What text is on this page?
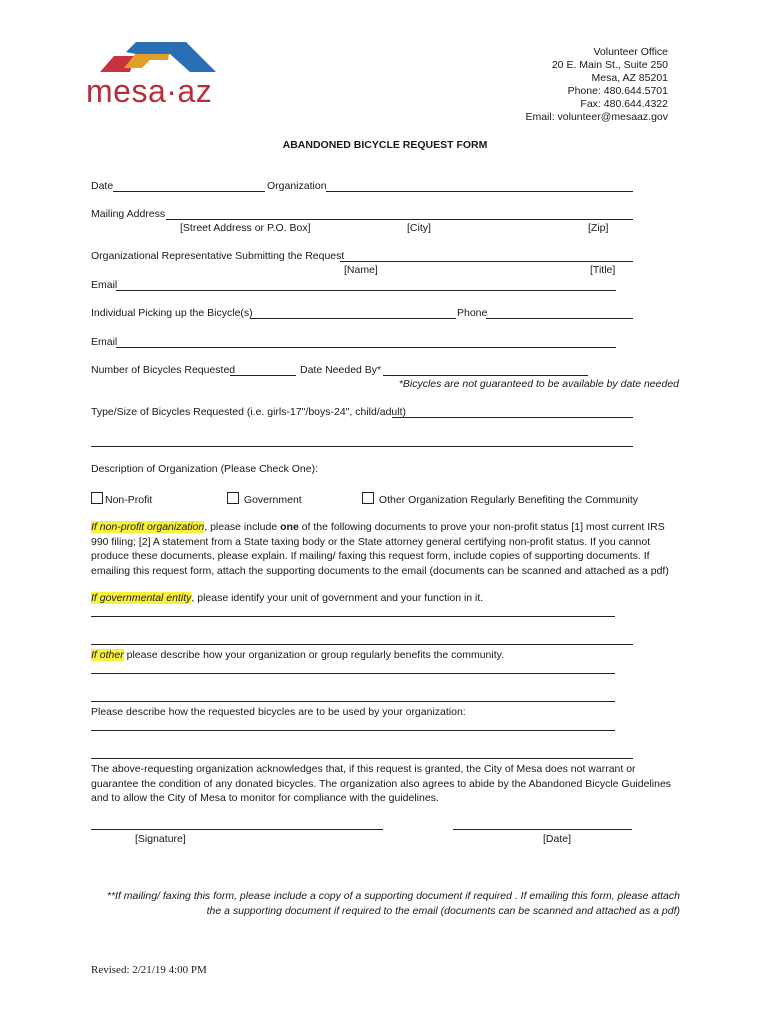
mesa·az
Volunteer Office
20 E. Main St., Suite 250
Mesa, AZ 85201
Phone: 480.644.5701
Fax: 480.644.4322
Email: volunteer@mesaaz.gov
ABANDONED BICYCLE REQUEST FORM
Date	Organization
Mailing Address
[Street Address or P.O. Box]	[City]	[Zip]
Organizational Representative Submitting the Request
[Name]	[Title]
Email
Individual Picking up the Bicycle(s)	Phone
Email
Number of Bicycles Requested	Date Needed By*
*Bicycles are not guaranteed to be available by date needed
Type/Size of Bicycles Requested (i.e. girls-17"/boys-24", child/adult)
Description of Organization (Please Check One):
Non-Profit	Government	Other Organization Regularly Benefiting the Community
If non-profit organization, please include one of the following documents to prove your non-profit status [1] most current IRS 990 filing; [2] A statement from a State taxing body or the State attorney general certifying non-profit status. If you cannot produce these documents, please explain. If mailing/ faxing this request form, include copies of supporting documents. If emailing this request form, attach the supporting documents to the email (documents can be scanned and attached as a pdf)
If governmental entity, please identify your unit of government and your function in it.
If other please describe how your organization or group regularly benefits the community.
Please describe how the requested bicycles are to be used by your organization:
The above-requesting organization acknowledges that, if this request is granted, the City of Mesa does not warrant or guarantee the condition of any donated bicycles. The organization also agrees to abide by the Abandoned Bicycle Guidelines and to allow the City of Mesa to monitor for compliance with the guidelines.
[Signature]	[Date]
**If mailing/ faxing this form, please include a copy of a supporting document if required . If emailing this form, please attach
the a supporting document if required to the email (documents can be scanned and attached as a pdf)
Revised: 2/21/19 4:00 PM
